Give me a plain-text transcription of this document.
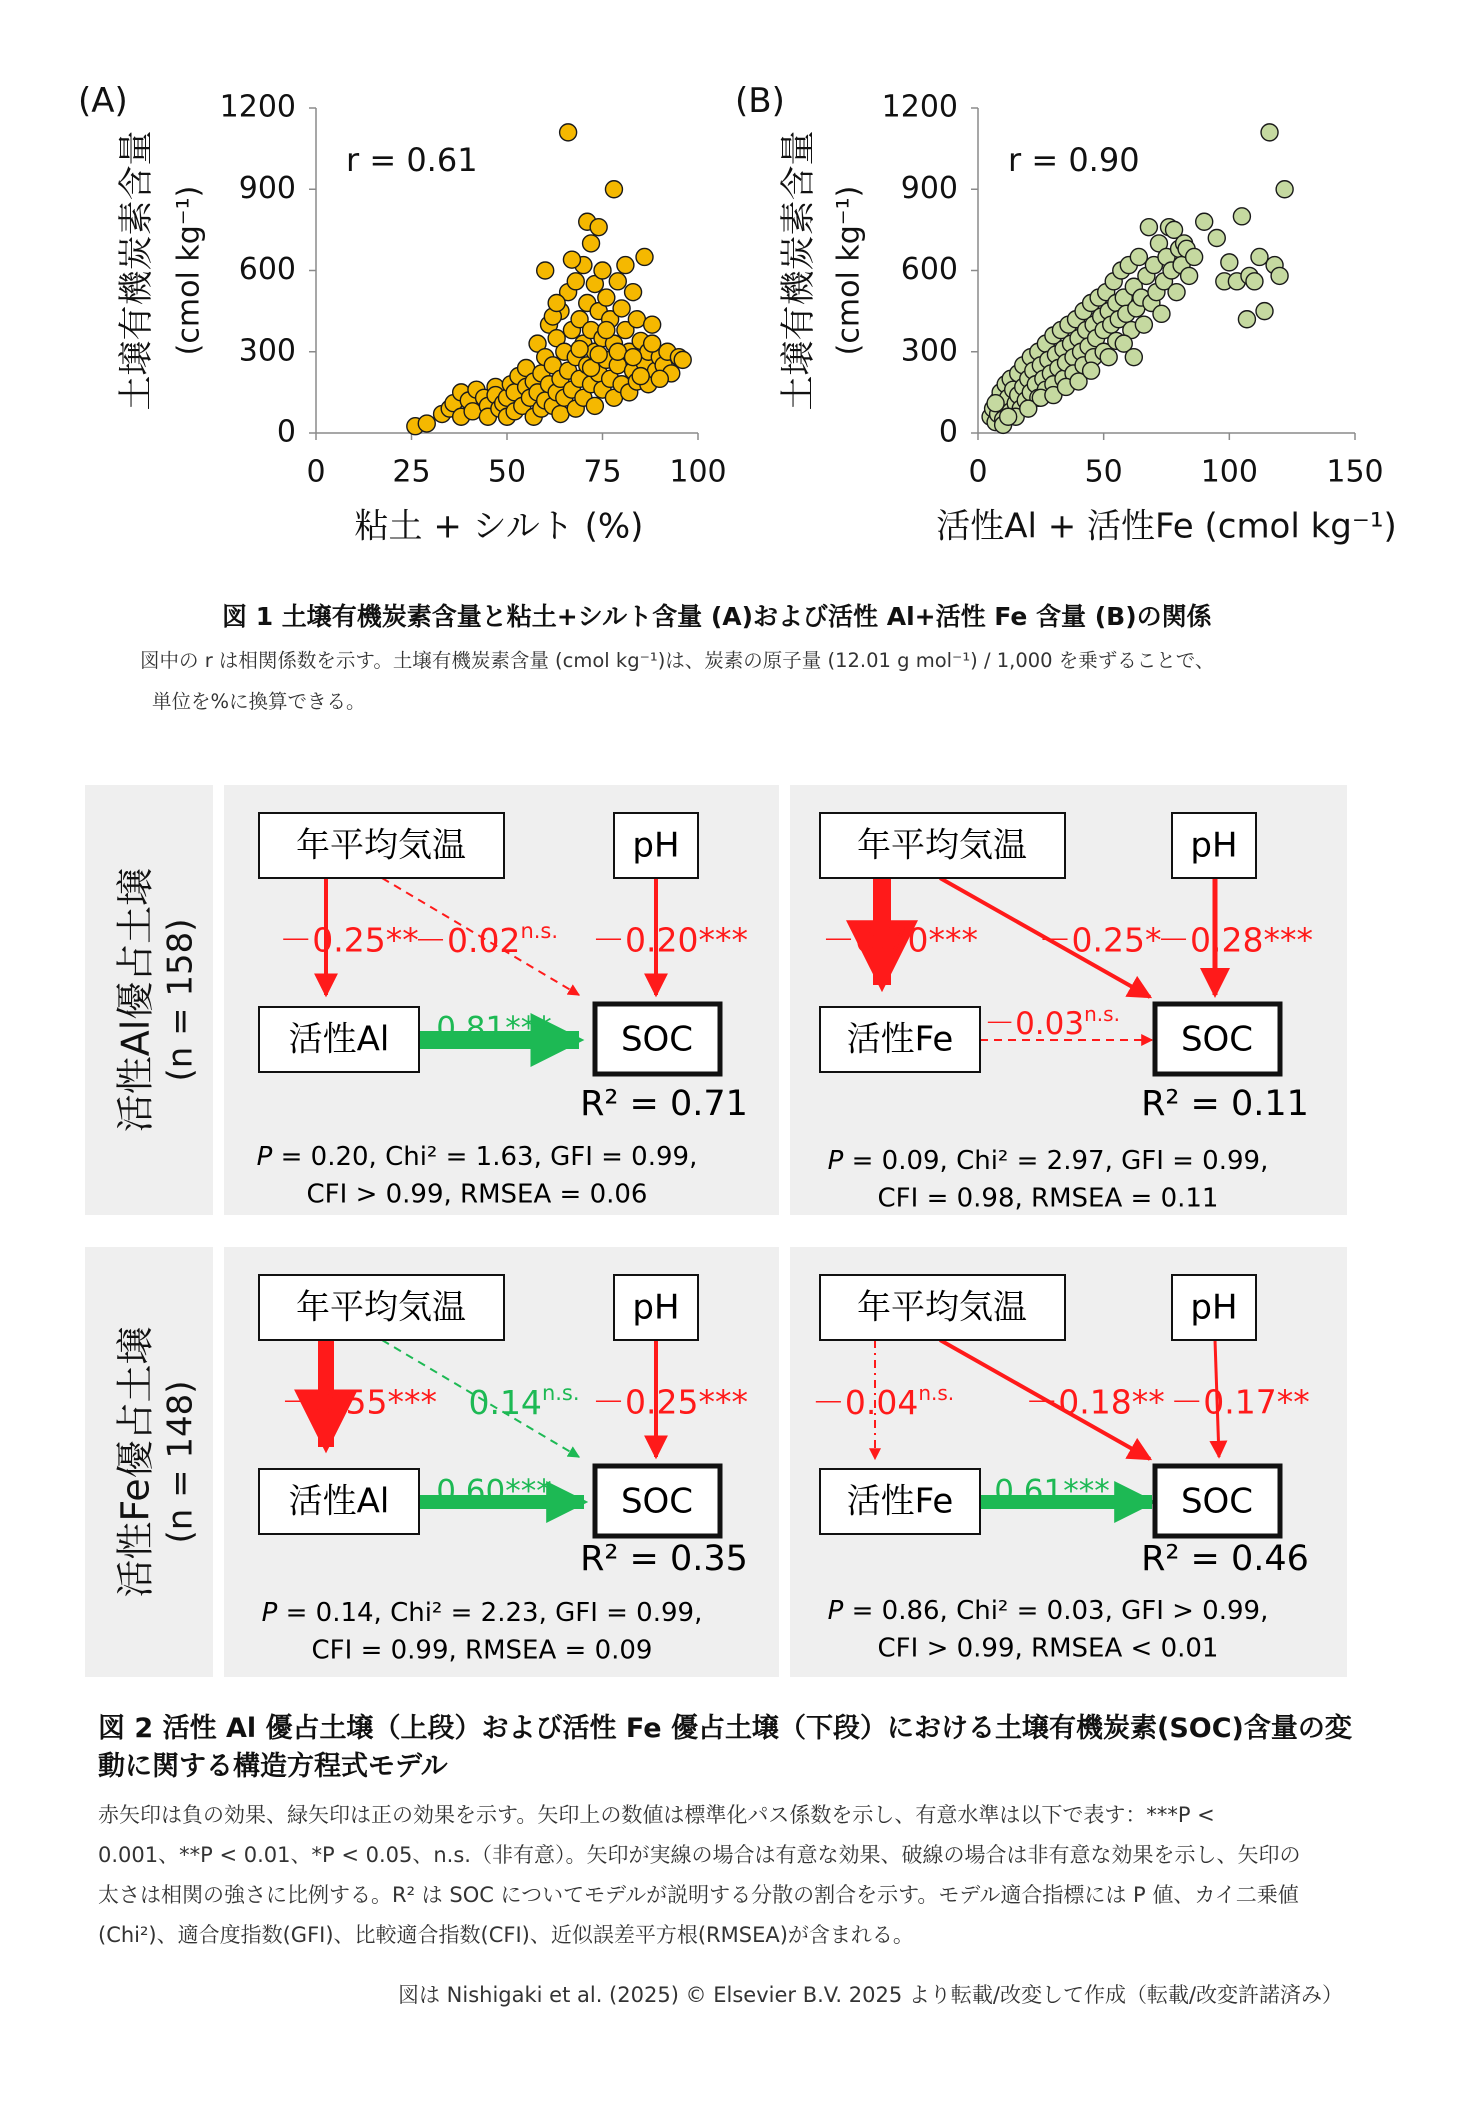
0
300
600
900
1200
0 25 50 75 100
(A)
r = 0.61
粘土 + シルト (%)
土壌有機炭素含量 (cmol kg⁻¹)
0
300
600
900
1200
0	50	100 150
(B)
r = 0.90
活性Al + 活性Fe (cmol kg⁻¹)
土壌有機炭素含量 (cmol kg⁻¹)
図 1 土壌有機炭素含量と粘土+シルト含量 (A)および活性 Al+活性 Fe 含量 (B)の関係
図中の r は相関係数を示す。土壌有機炭素含量 (cmol kg⁻¹)は、炭素の原子量 (12.01 g mol⁻¹) / 1,000 を乗ずることで、
単位を%に換算できる。
活性Al優占土壌 (n = 158)
活性Fe優占土壌 (n = 148)
年平均気温	pH
活性Al	SOC
－0.25**
$-0.02^{n.s.} -0.20***$
0.81***
R² = 0.71
P = 0.20, Chi² = 1.63, GFI = 0.99,
CFI > 0.99, RMSEA = 0.06
年平均気温	pH
活性Fe	SOC
－0.70*** －0.25*
－0.28***
$-0.03^{n.s.}$
R² = 0.11
P = 0.09, Chi² = 2.97, GFI = 0.99,
CFI = 0.98, RMSEA = 0.11
年平均気温	pH
活性Al	SOC
－0.55*** $0.14^{n.s.} -0.25***$
0.60***
R² = 0.35
P = 0.14, Chi² = 2.23, GFI = 0.99,
CFI = 0.99, RMSEA = 0.09
年平均気温	pH
活性Fe	SOC
$-0.04^{n.s.} -0.18** -0.17**$
0.61***
R² = 0.46
P = 0.86, Chi² = 0.03, GFI > 0.99,
CFI > 0.99, RMSEA < 0.01
図 2 活性 Al 優占土壌（上段）および活性 Fe 優占土壌（下段）における土壌有機炭素(SOC)含量の変
動に関する構造方程式モデル
赤矢印は負の効果、緑矢印は正の効果を示す。矢印上の数値は標準化パス係数を示し、有意水準は以下で表す：***P <
0.001、**P < 0.01、*P < 0.05、n.s.（非有意）。矢印が実線の場合は有意な効果、破線の場合は非有意な効果を示し、矢印の
太さは相関の強さに比例する。R² は SOC についてモデルが説明する分散の割合を示す。モデル適合指標には P 値、カイ二乗値
(Chi²)、適合度指数(GFI)、比較適合指数(CFI)、近似誤差平方根(RMSEA)が含まれる。
図は Nishigaki et al. (2025) © Elsevier B.V. 2025 より転載/改変して作成（転載/改変許諾済み）
